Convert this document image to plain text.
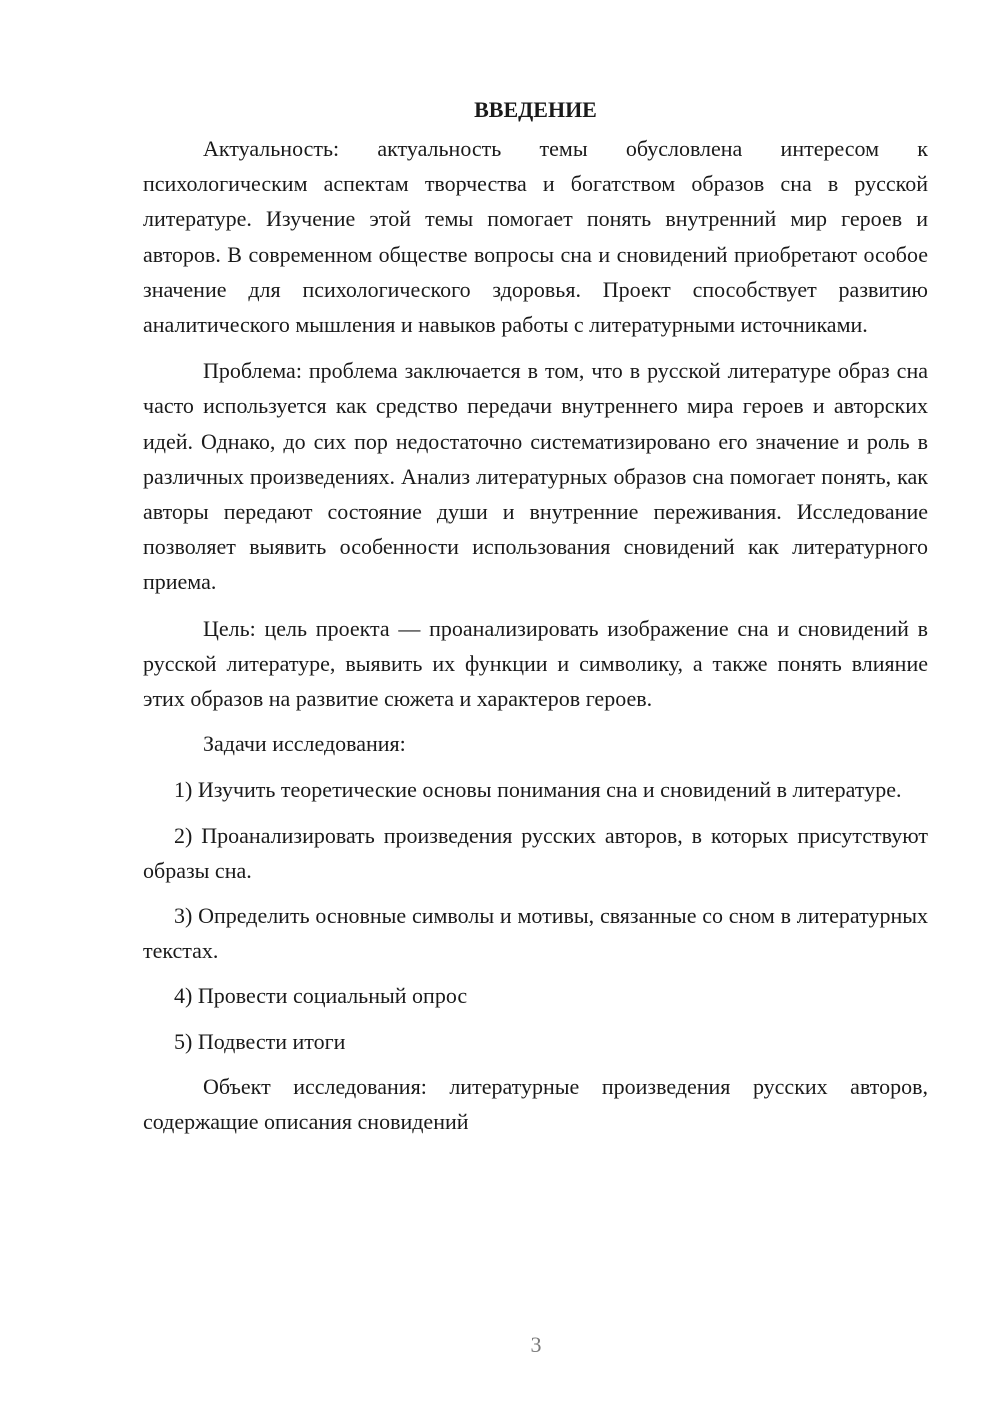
ВВЕДЕНИЕ

Актуальность: актуальность темы обусловлена интересом к психологическим аспектам творчества и богатством образов сна в русской литературе. Изучение этой темы помогает понять внутренний мир героев и авторов. В современном обществе вопросы сна и сновидений приобретают особое значение для психологического здоровья. Проект способствует развитию аналитического мышления и навыков работы с литературными источниками.

Проблема: проблема заключается в том, что в русской литературе образ сна часто используется как средство передачи внутреннего мира героев и авторских идей. Однако, до сих пор недостаточно систематизировано его значение и роль в различных произведениях. Анализ литературных образов сна помогает понять, как авторы передают состояние души и внутренние переживания. Исследование позволяет выявить особенности использования сновидений как литературного приема.

Цель: цель проекта — проанализировать изображение сна и сновидений в русской литературе, выявить их функции и символику, а также понять влияние этих образов на развитие сюжета и характеров героев.

Задачи исследования:

1) Изучить теоретические основы понимания сна и сновидений в литературе.

2) Проанализировать произведения русских авторов, в которых присутствуют образы сна.

3) Определить основные символы и мотивы, связанные со сном в литературных текстах.

4) Провести социальный опрос

5) Подвести итоги

Объект исследования: литературные произведения русских авторов, содержащие описания сновидений

3
